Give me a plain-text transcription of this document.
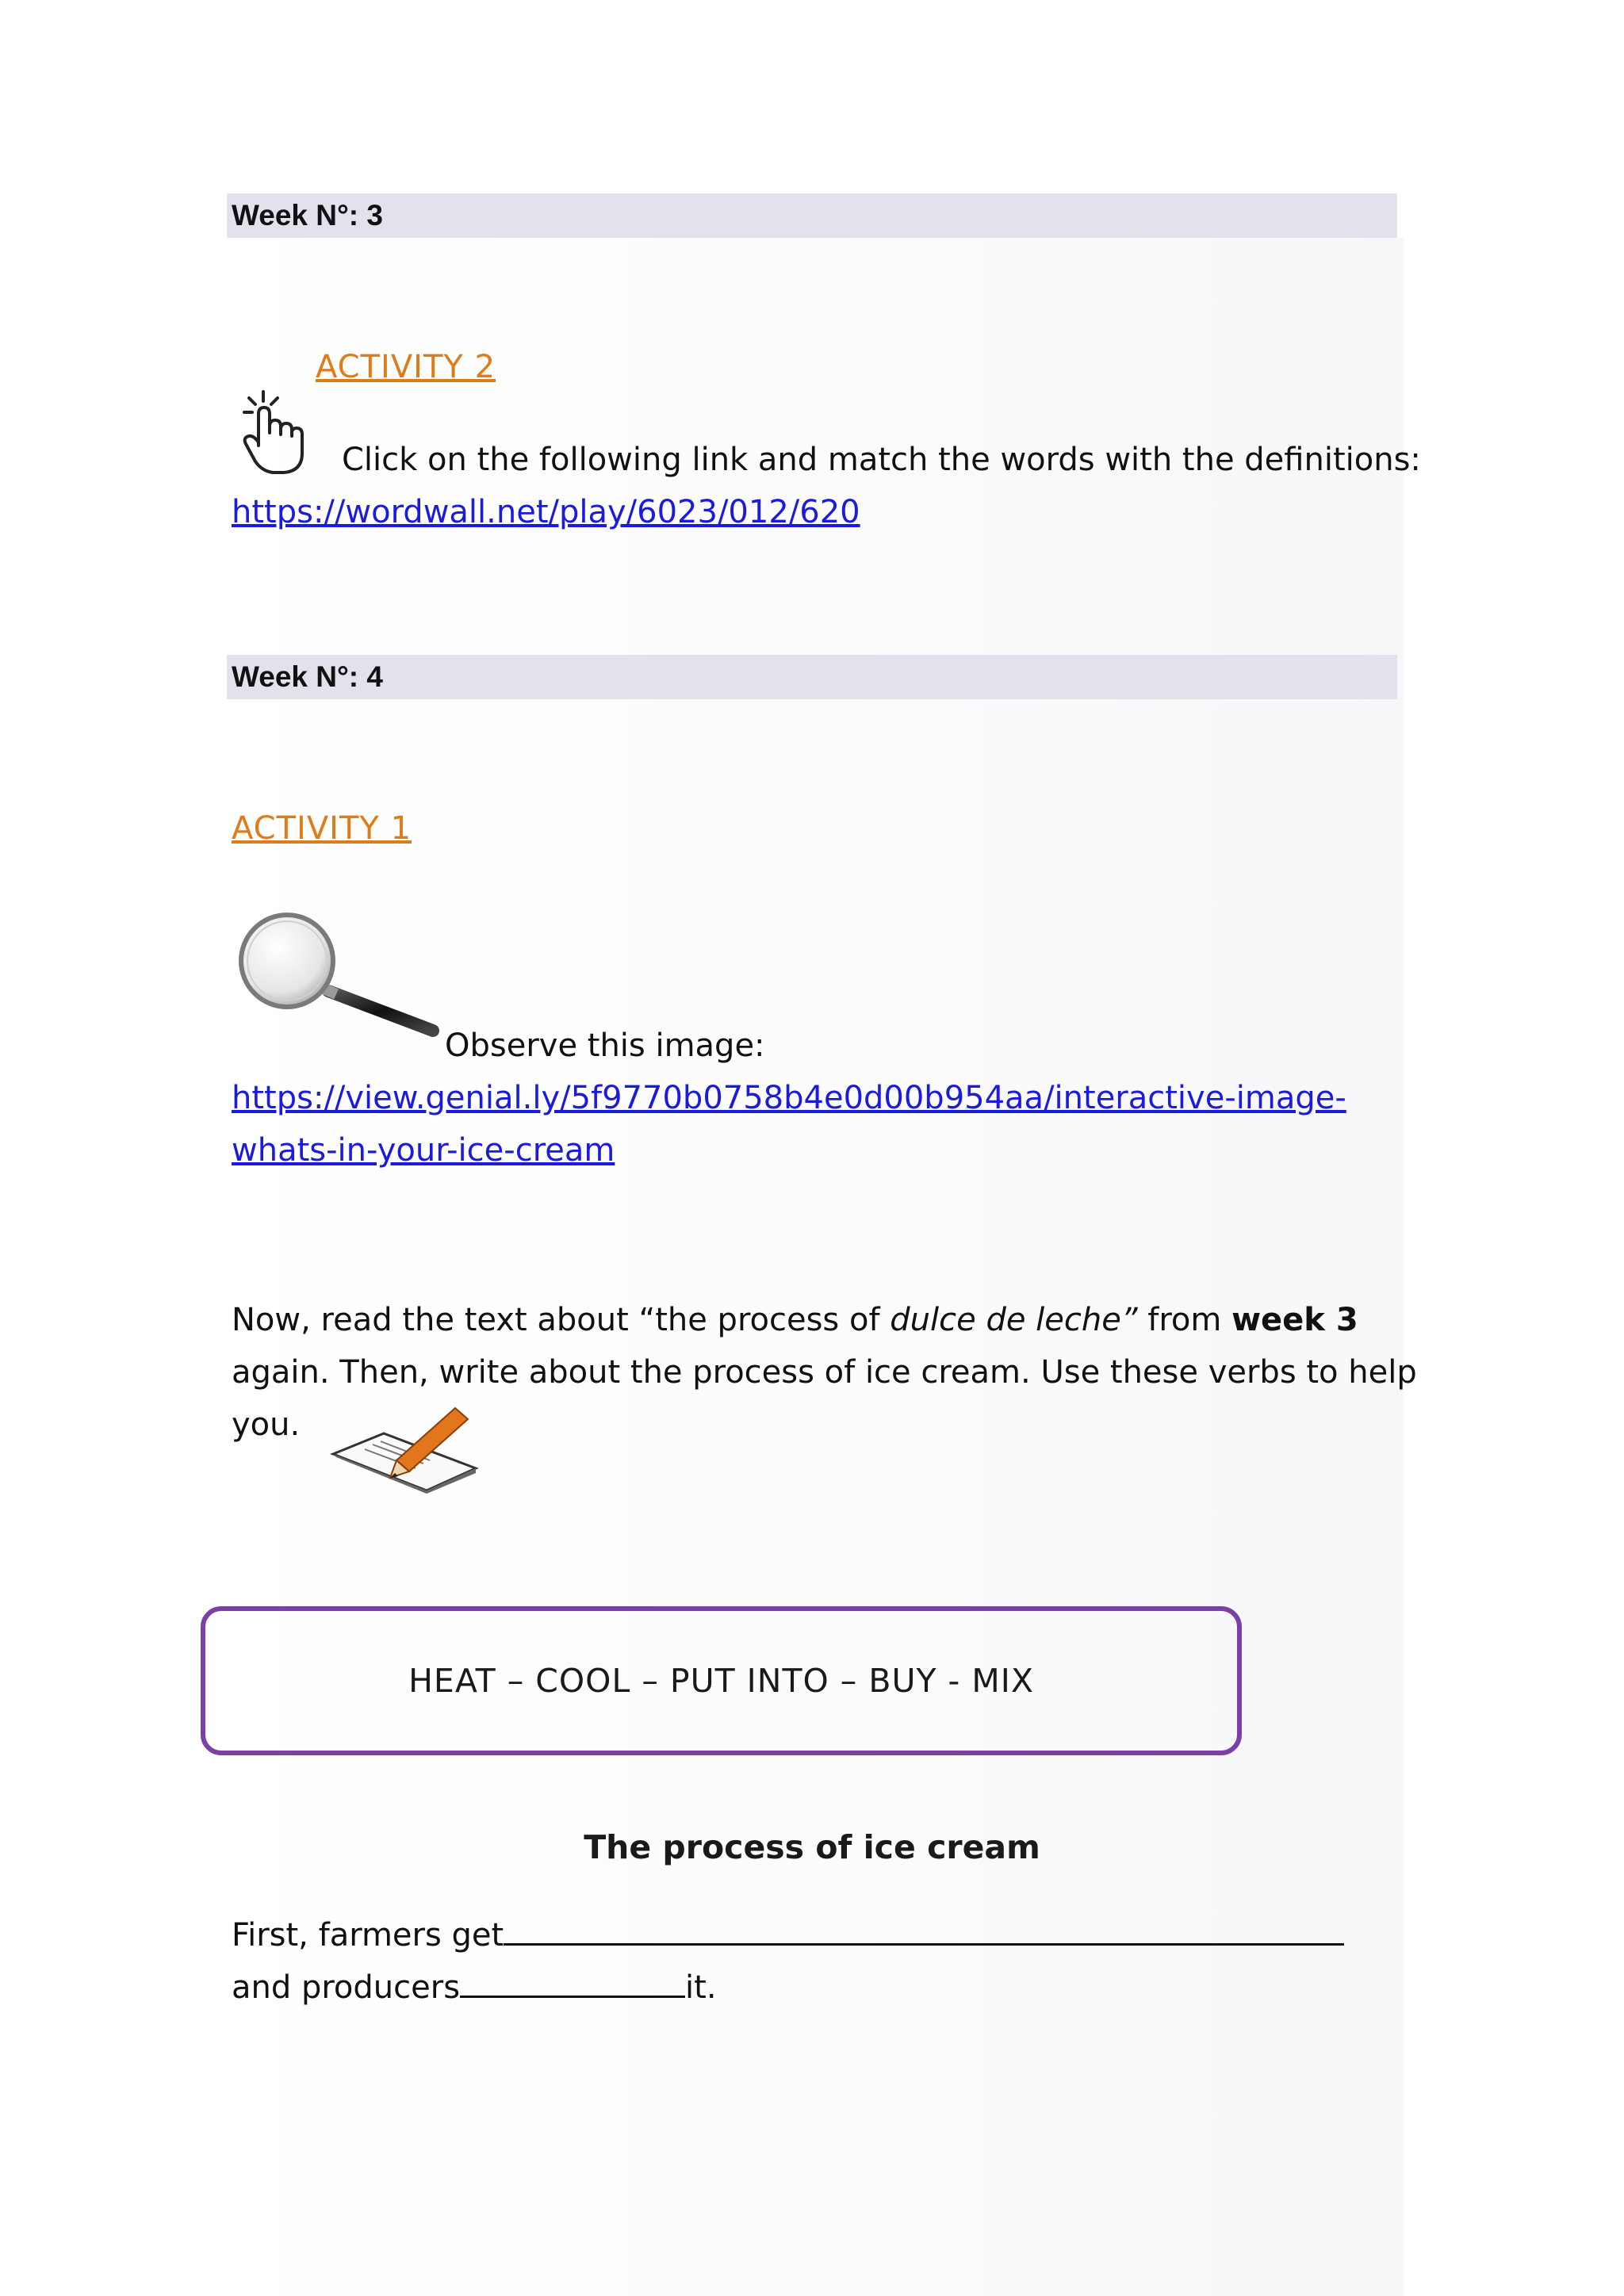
Week N°: 3
ACTIVITY 2
Click on the following link and match the words with the definitions:
https://wordwall.net/play/6023/012/620
Week N°: 4
ACTIVITY 1
Observe this image:
https://view.genial.ly/5f9770b0758b4e0d00b954aa/interactive-image-
whats-in-your-ice-cream
Now, read the text about “the process of dulce de leche” from week 3
again. Then, write about the process of ice cream. Use these verbs to help
you.
HEAT – COOL – PUT INTO – BUY - MIX
The process of ice cream
First, farmers get
and producers	it.
